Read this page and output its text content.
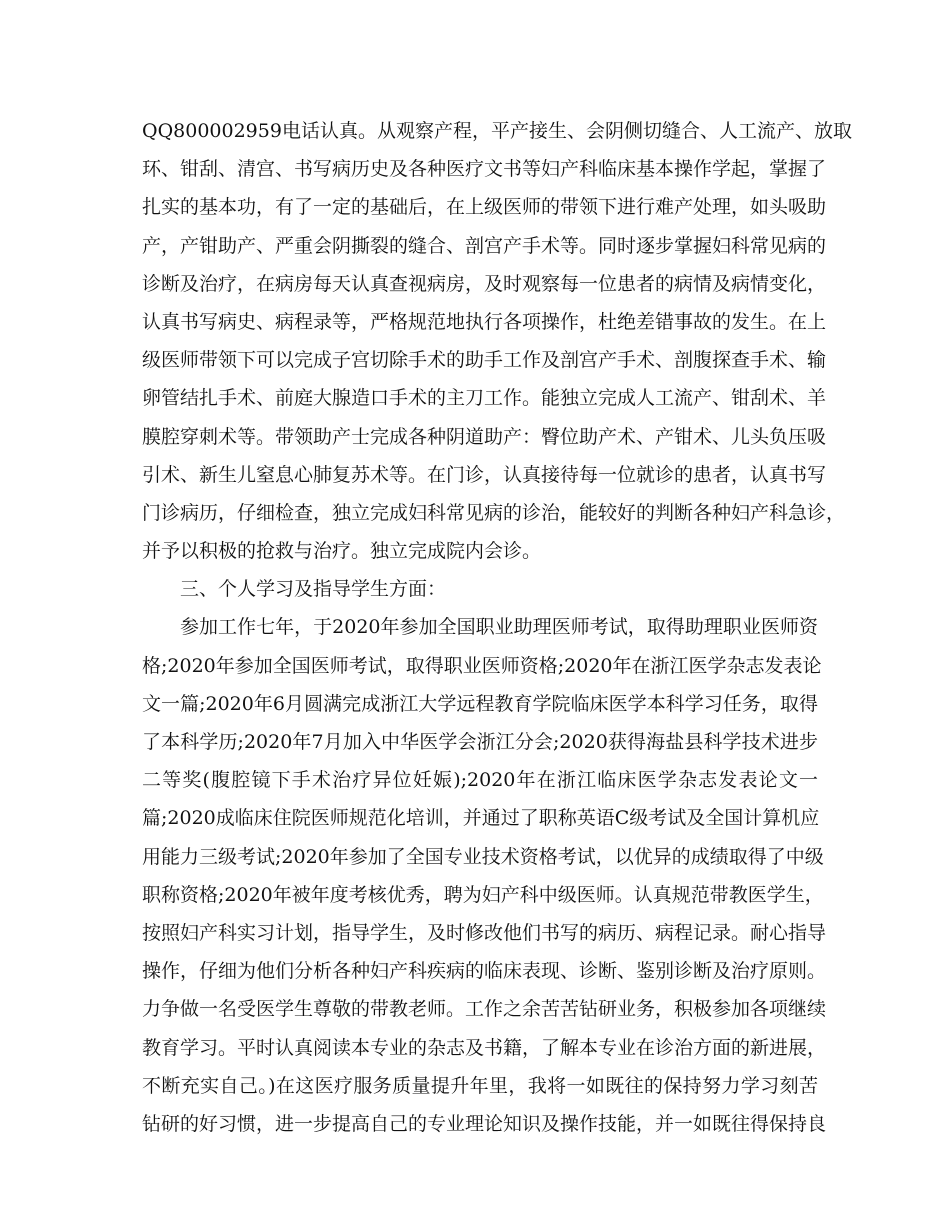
QQ800002959电话认真。从观察产程，平产接生、会阴侧切缝合、人工流产、放取
环、钳刮、清宫、书写病历史及各种医疗文书等妇产科临床基本操作学起，掌握了
扎实的基本功，有了一定的基础后，在上级医师的带领下进行难产处理，如头吸助
产，产钳助产、严重会阴撕裂的缝合、剖宫产手术等。同时逐步掌握妇科常见病的
诊断及治疗，在病房每天认真查视病房，及时观察每一位患者的病情及病情变化，
认真书写病史、病程录等，严格规范地执行各项操作，杜绝差错事故的发生。在上
级医师带领下可以完成子宫切除手术的助手工作及剖宫产手术、剖腹探查手术、输
卵管结扎手术、前庭大腺造口手术的主刀工作。能独立完成人工流产、钳刮术、羊
膜腔穿刺术等。带领助产士完成各种阴道助产：臀位助产术、产钳术、儿头负压吸
引术、新生儿窒息心肺复苏术等。在门诊，认真接待每一位就诊的患者，认真书写
门诊病历，仔细检查，独立完成妇科常见病的诊治，能较好的判断各种妇产科急诊，
并予以积极的抢救与治疗。独立完成院内会诊。
三、个人学习及指导学生方面：
参加工作七年，于2020年参加全国职业助理医师考试，取得助理职业医师资
格;2020年参加全国医师考试，取得职业医师资格;2020年在浙江医学杂志发表论
文一篇;2020年6月圆满完成浙江大学远程教育学院临床医学本科学习任务，取得
了本科学历;2020年7月加入中华医学会浙江分会;2020获得海盐县科学技术进步
二等奖(腹腔镜下手术治疗异位妊娠);2020年在浙江临床医学杂志发表论文一
篇;2020成临床住院医师规范化培训，并通过了职称英语C级考试及全国计算机应
用能力三级考试;2020年参加了全国专业技术资格考试，以优异的成绩取得了中级
职称资格;2020年被年度考核优秀，聘为妇产科中级医师。认真规范带教医学生，
按照妇产科实习计划，指导学生，及时修改他们书写的病历、病程记录。耐心指导
操作，仔细为他们分析各种妇产科疾病的临床表现、诊断、鉴别诊断及治疗原则。
力争做一名受医学生尊敬的带教老师。工作之余苦苦钻研业务，积极参加各项继续
教育学习。平时认真阅读本专业的杂志及书籍，了解本专业在诊治方面的新进展，
不断充实自己。)在这医疗服务质量提升年里，我将一如既往的保持努力学习刻苦
钻研的好习惯，进一步提高自己的专业理论知识及操作技能，并一如既往得保持良
